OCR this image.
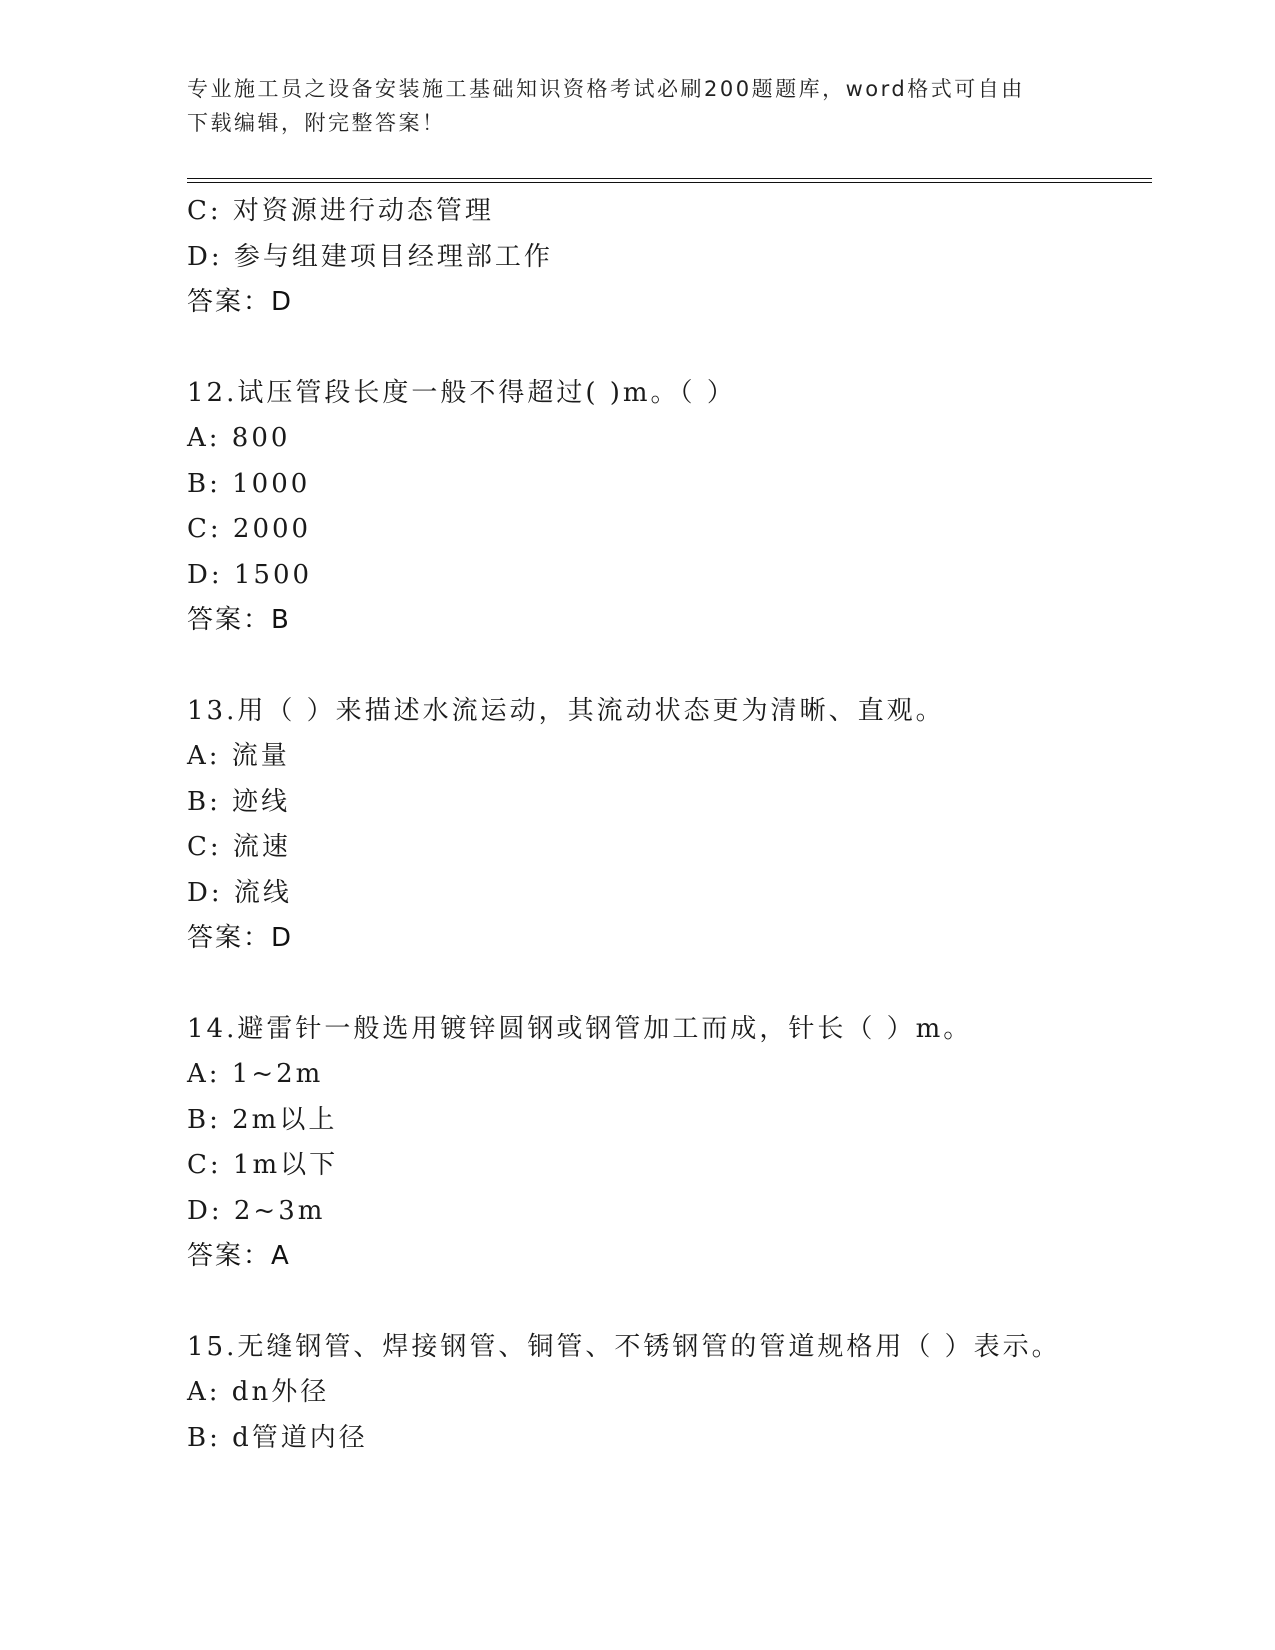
专业施工员之设备安装施工基础知识资格考试必刷200题题库，word格式可自由
下载编辑，附完整答案！
C: 对资源进行动态管理
D: 参与组建项目经理部工作
答案：D
12.试压管段长度一般不得超过( )m。（ ）
A: 800
B: 1000
C: 2000
D: 1500
答案：B
13.用（ ）来描述水流运动，其流动状态更为清晰、直观。
A: 流量
B: 迹线
C: 流速
D: 流线
答案：D
14.避雷针一般选用镀锌圆钢或钢管加工而成，针长（ ）m。
A: 1~2m
B: 2m以上
C: 1m以下
D: 2~3m
答案：A
15.无缝钢管、焊接钢管、铜管、不锈钢管的管道规格用（ ）表示。
A: dn外径
B: d管道内径
